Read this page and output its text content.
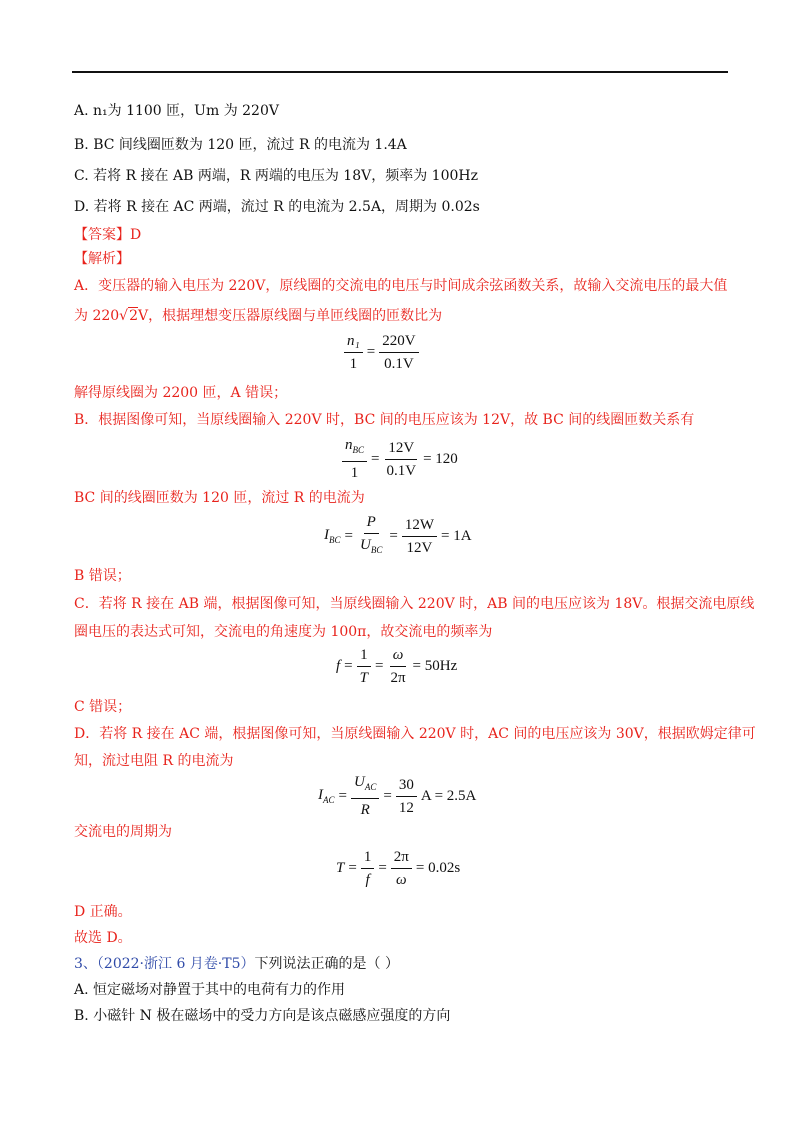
A. n₁为 1100 匝，Um 为 220V
B. BC 间线圈匝数为 120 匝，流过 R 的电流为 1.4A
C. 若将 R 接在 AB 两端，R 两端的电压为 18V，频率为 100Hz
D. 若将 R 接在 AC 两端，流过 R 的电流为 2.5A，周期为 0.02s
【答案】D
【解析】
A．变压器的输入电压为 220V，原线圈的交流电的电压与时间成余弦函数关系，故输入交流电压的最大值
为 220√2V，根据理想变压器原线圈与单匝线圈的匝数比为
$\frac{\text{n₁}}{1} = \frac{220V}{0.1V}$
解得原线圈为 2200 匝，A 错误；
B．根据图像可知，当原线圈输入 220V 时，BC 间的电压应该为 12V，故 BC 间的线圈匝数关系有
$\frac{n_{BC}}{1} = \frac{12V}{0.1V} = 120$
BC 间的线圈匝数为 120 匝，流过 R 的电流为
$I_{BC} = \frac{P}{U_{BC}} = \frac{12W}{12V} = 1A$
B 错误；
C．若将 R 接在 AB 端，根据图像可知，当原线圈输入 220V 时，AB 间的电压应该为 18V。根据交流电原线
圈电压的表达式可知，交流电的角速度为 100π，故交流电的频率为
$f = \frac{1}{T} = \frac{\omega}{2\pi} = 50Hz$
C 错误；
D．若将 R 接在 AC 端，根据图像可知，当原线圈输入 220V 时，AC 间的电压应该为 30V，根据欧姆定律可
知，流过电阻 R 的电流为
$I_{AC} = \frac{U_{AC}}{R} = \frac{30}{12}$ A = 2.5A
交流电的周期为
$T = \frac{1}{f} = \frac{2\pi}{\omega} = 0.02s$
D 正确。
故选 D。
3、（2022·浙江 6 月卷·T5）下列说法正确的是（ ）
A. 恒定磁场对静置于其中的电荷有力的作用
B. 小磁针 N 极在磁场中的受力方向是该点磁感应强度的方向
